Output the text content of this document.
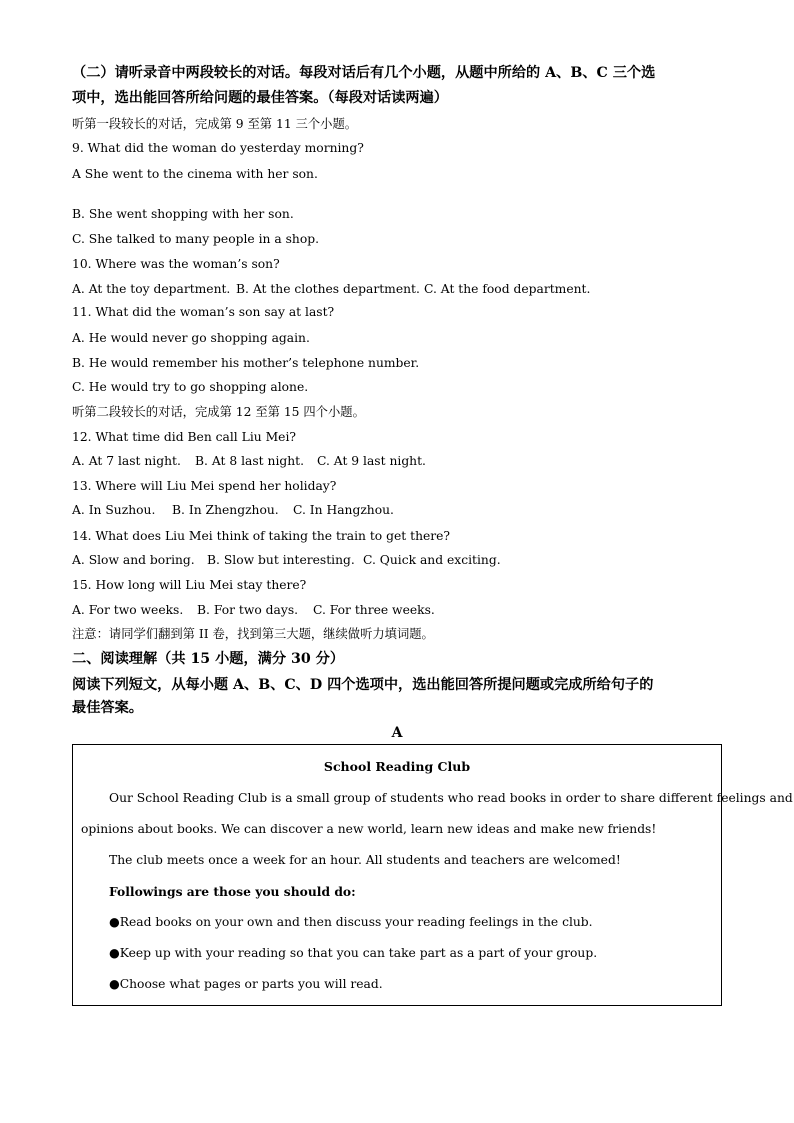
（二）请听录音中两段较长的对话。每段对话后有几个小题，从题中所给的 A、B、C 三个选
项中，选出能回答所给问题的最佳答案。（每段对话读两遍）
听第一段较长的对话，完成第 9 至第 11 三个小题。
9. What did the woman do yesterday morning?
A She went to the cinema with her son.
B. She went shopping with her son.
C. She talked to many people in a shop.
10. Where was the woman’s son?
A. At the toy department. B. At the clothes department. C. At the food department.
11. What did the woman’s son say at last?
A. He would never go shopping again.
B. He would remember his mother’s telephone number.
C. He would try to go shopping alone.
听第二段较长的对话，完成第 12 至第 15 四个小题。
12. What time did Ben call Liu Mei?
A. At 7 last night. B. At 8 last night. C. At 9 last night.
13. Where will Liu Mei spend her holiday?
A. In Suzhou. B. In Zhengzhou. C. In Hangzhou.
14. What does Liu Mei think of taking the train to get there?
A. Slow and boring. B. Slow but interesting. C. Quick and exciting.
15. How long will Liu Mei stay there?
A. For two weeks. B. For two days. C. For three weeks.
注意：请同学们翻到第 II 卷，找到第三大题，继续做听力填词题。
二、阅读理解（共 15 小题，满分 30 分）
阅读下列短文，从每小题 A、B、C、D 四个选项中，选出能回答所提问题或完成所给句子的
最佳答案。
A
School Reading Club
Our School Reading Club is a small group of students who read books in order to share different feelings and
opinions about books. We can discover a new world, learn new ideas and make new friends!
The club meets once a week for an hour. All students and teachers are welcomed!
Followings are those you should do:
●Read books on your own and then discuss your reading feelings in the club.
●Keep up with your reading so that you can take part as a part of your group.
●Choose what pages or parts you will read.
